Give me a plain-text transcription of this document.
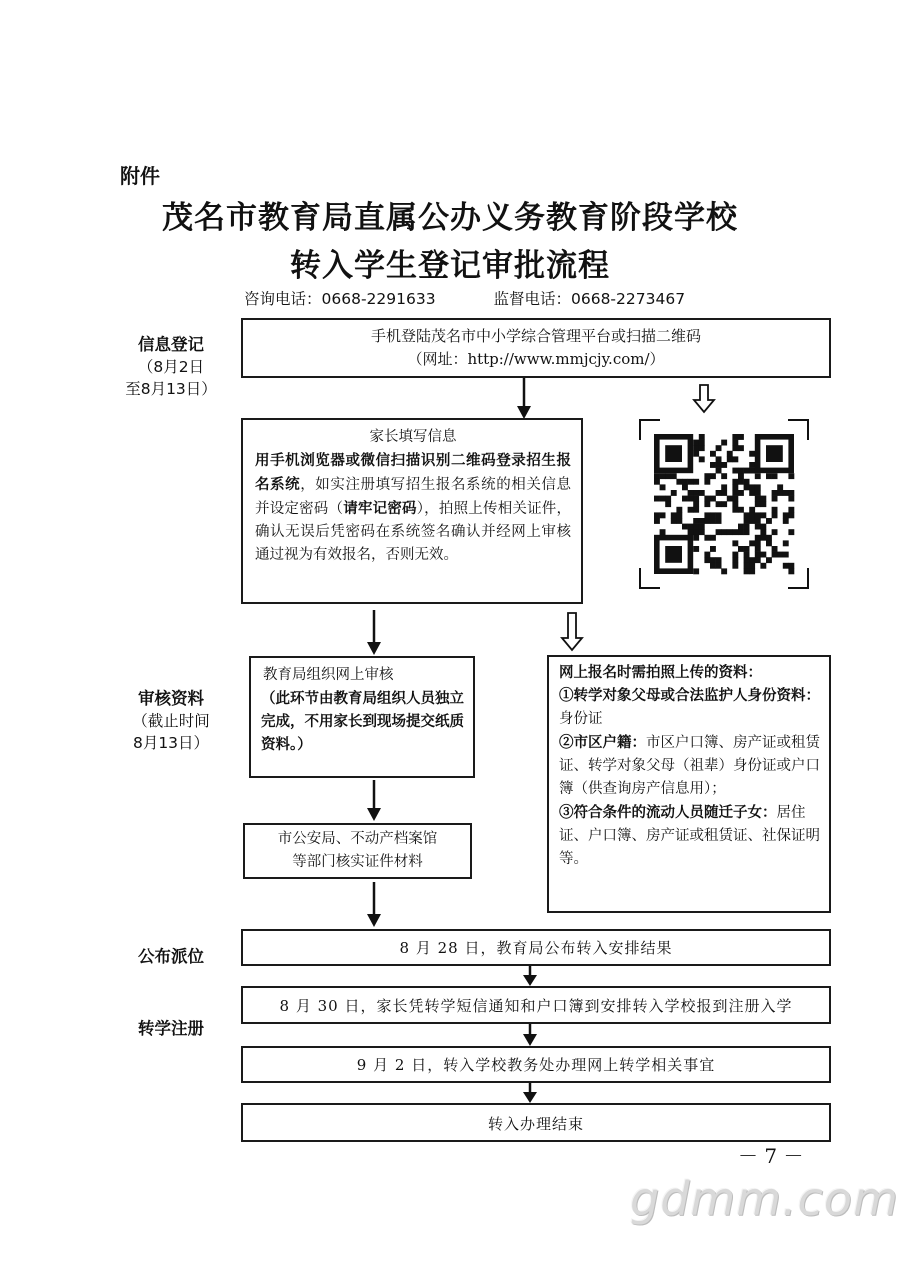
附件
茂名市教育局直属公办义务教育阶段学校
转入学生登记审批流程
咨询电话：0668-2291633	监督电话：0668-2273467
信息登记
（8月2日
至8月13日）
审核资料
（截止时间
8月13日）
公布派位
转学注册
手机登陆茂名市中小学综合管理平台或扫描二维码
（网址：http://www.mmjcjy.com/）
家长填写信息
用手机浏览器或微信扫描识别二维码登录招生报名系统，如实注册填写招生报名系统的相关信息并设定密码（请牢记密码），拍照上传相关证件，确认无误后凭密码在系统签名确认并经网上审核通过视为有效报名，否则无效。
教育局组织网上审核
（此环节由教育局组织人员独立完成，不用家长到现场提交纸质资料。）
网上报名时需拍照上传的资料：
①转学对象父母或合法监护人身份资料：身份证
②市区户籍：市区户口簿、房产证或租赁证、转学对象父母（祖辈）身份证或户口簿（供查询房产信息用）；
③符合条件的流动人员随迁子女：居住证、户口簿、房产证或租赁证、社保证明等。
市公安局、不动产档案馆
等部门核实证件材料
8 月 28 日，教育局公布转入安排结果
8 月 30 日，家长凭转学短信通知和户口簿到安排转入学校报到注册入学
9 月 2 日，转入学校教务处办理网上转学相关事宜
转入办理结束
－ 7 －
gdmm.com
